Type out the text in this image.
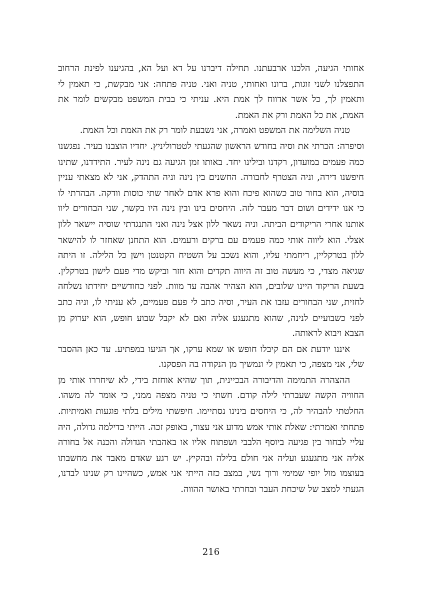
אחותי הגיעה, הלכנו ארבעתנו. תחילה דיברנו על דא ועל הא, בהגיענו לפינת הרחוב התפצלנו לשני זוגות, ברונו ואחותי, טניה ואני. טניה פתחה: אני מבקשת, כי תאמין לי ותאמין לך, כל אשר אדווח לך אמת היא. עניתי כי בבית המשפט מבקשים לומר את האמת, את כל האמת ורק את האמת.

טניה השלימה את המשפט ואמרה, אני נשבעת לומר רק את האמת וכל האמת.

וסיפרה: הכרתי את וסיה בחודש הראשון שהגעתי לטטרוליניץ. יחדיו הוצבנו בעיר. נפגשנו כמה פעמים במועדון, רקדנו ובילינו יחד. באותו זמן הגיעה גם נינה לעיר. התידדנו, שתינו חיפשנו דירה, וניה הצטרף לחבורה. החשנים בין נינה וניה התהדק, אני לא מצאתי עניין בוסיה, הוא בחור טוב כשהוא פיכח והוא פרא אדם לאחר שתי כוסות וודקה. הבהרתי לו כי אנו ידידים ושום דבר מעבר לזה. היחסים בינו ובין נינה היו בקשר, שני הבחורים ליוו אותנו אחרי הריקודים הביתה. וניה נשאר ללון אצל נינה ואני התנגדתי שוסיה יישאר ללון אצלי. הוא ליווה אותי כמה פעמים עם ברקים ורעמים. הוא התחנן שאחזר לו להישאר ללון בטרקליין, ריחמתי עליו, והוא נשכב על השטיח הקטנטן וישן כל הלילה. זו היתה שגיאה מצדי, כי מעשה טוב זה היווה תקדים והוא חזר וביקש מדי פעם לישון בטרקלין. בשעת הריקוד היינו שלובים, הוא הצהיר אהבה עד מוות. לפני כחודשיים יחידתו נשלחה לחזית, שני הבחורים עזבו את העיר, וסיה כתב לי פעם פעמיים, לא עניתי לו, וניה כתב לפני כשבועיים לנינה, שהוא מתגעגע אליה ואם לא יקבל שבוע חופש, הוא יערוק מן הצבא ויבוא לראותה.

איננו יודעת אם הם קיבלו חופש או שמא ערקו, אך הגיעו במפתיע. עד כאן ההסבר שלי, אני מצפה, כי תאמין לי ונמשיך מן הנקודה בה הפסקנו.

ההצהרה התמימה והדיבורה הבכיינית, תוך שהיא אוחזת בידי, לא שיחררו אותי מן החוויה הקשה שעברתי לילה קודם. חשתי כי טניה מצפה ממני, כי אומר לה משהו. החלטתי להבהיר לה, כי היחסים בינינו נסתיימו. חיפשתי מילים בלתי פוגעות ואמיתיות. פתחתי ואמרתי: שאלת אותי אמש מדוע אני עצור, באופק זכה. הייתי בדילמה גדולה, היה עליי לבחור בין פגיעה ביוסף הלבבי ושפתוח אליו או באהבתי הגדולה והכנה אל בחורה אליה אני מתגעגע ועליה אני חולם בלילה ובהקיץ. יש רגע שאדם מאבד את מחשבתו בעוצמו מול יופי שמימי ורוך נשי, במצב כזה הייתי אני אמש, כשהיינו רק שנינו לבדנו, הגעתי למצב של שיכחת העבר ובחרתי באושר ההווה.

216
